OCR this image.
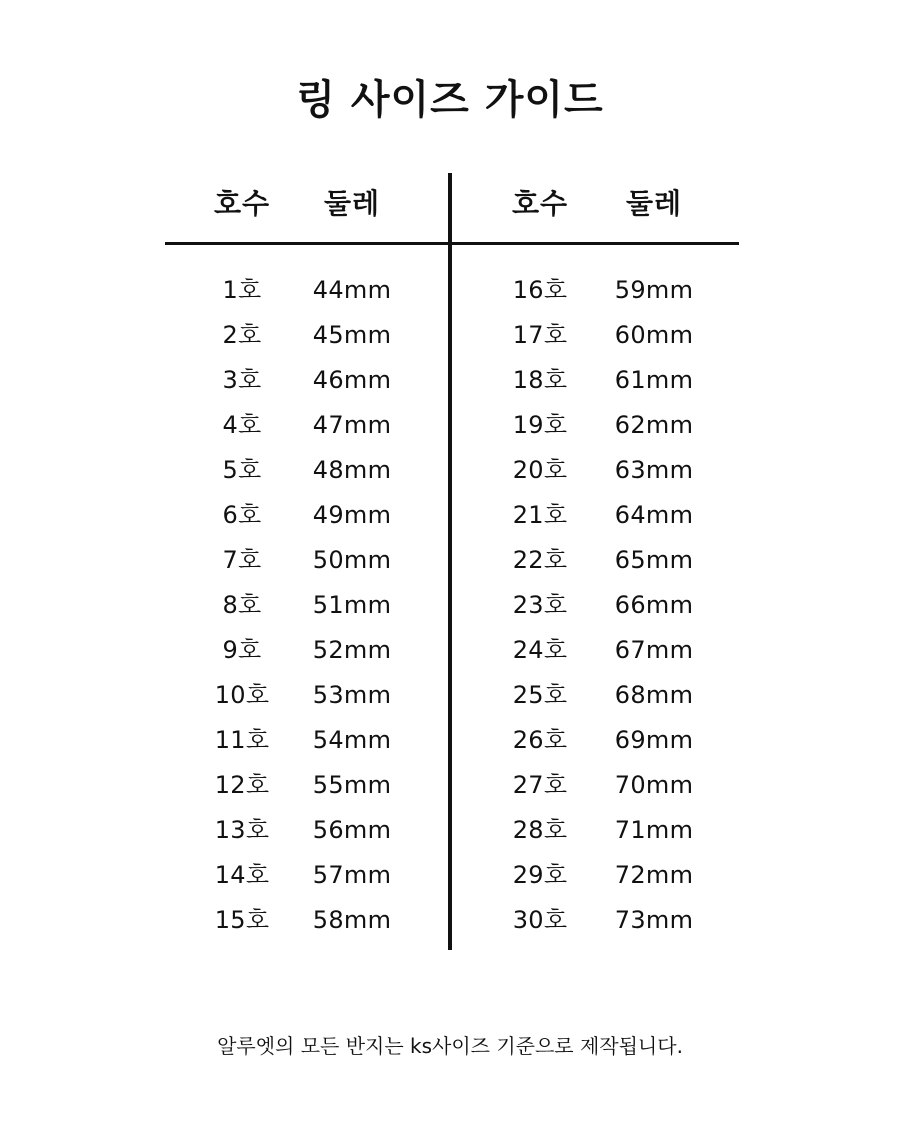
링 사이즈 가이드
호수
1호
2호
3호
4호
5호
6호
7호
8호
9호
10호
11호
12호
13호
14호
15호
둘레
44mm
45mm
46mm
47mm
48mm
49mm
50mm
51mm
52mm
53mm
54mm
55mm
56mm
57mm
58mm
호수
16호
17호
18호
19호
20호
21호
22호
23호
24호
25호
26호
27호
28호
29호
30호
둘레
59mm
60mm
61mm
62mm
63mm
64mm
65mm
66mm
67mm
68mm
69mm
70mm
71mm
72mm
73mm

알루엣의 모든 반지는 ks사이즈 기준으로 제작됩니다.
